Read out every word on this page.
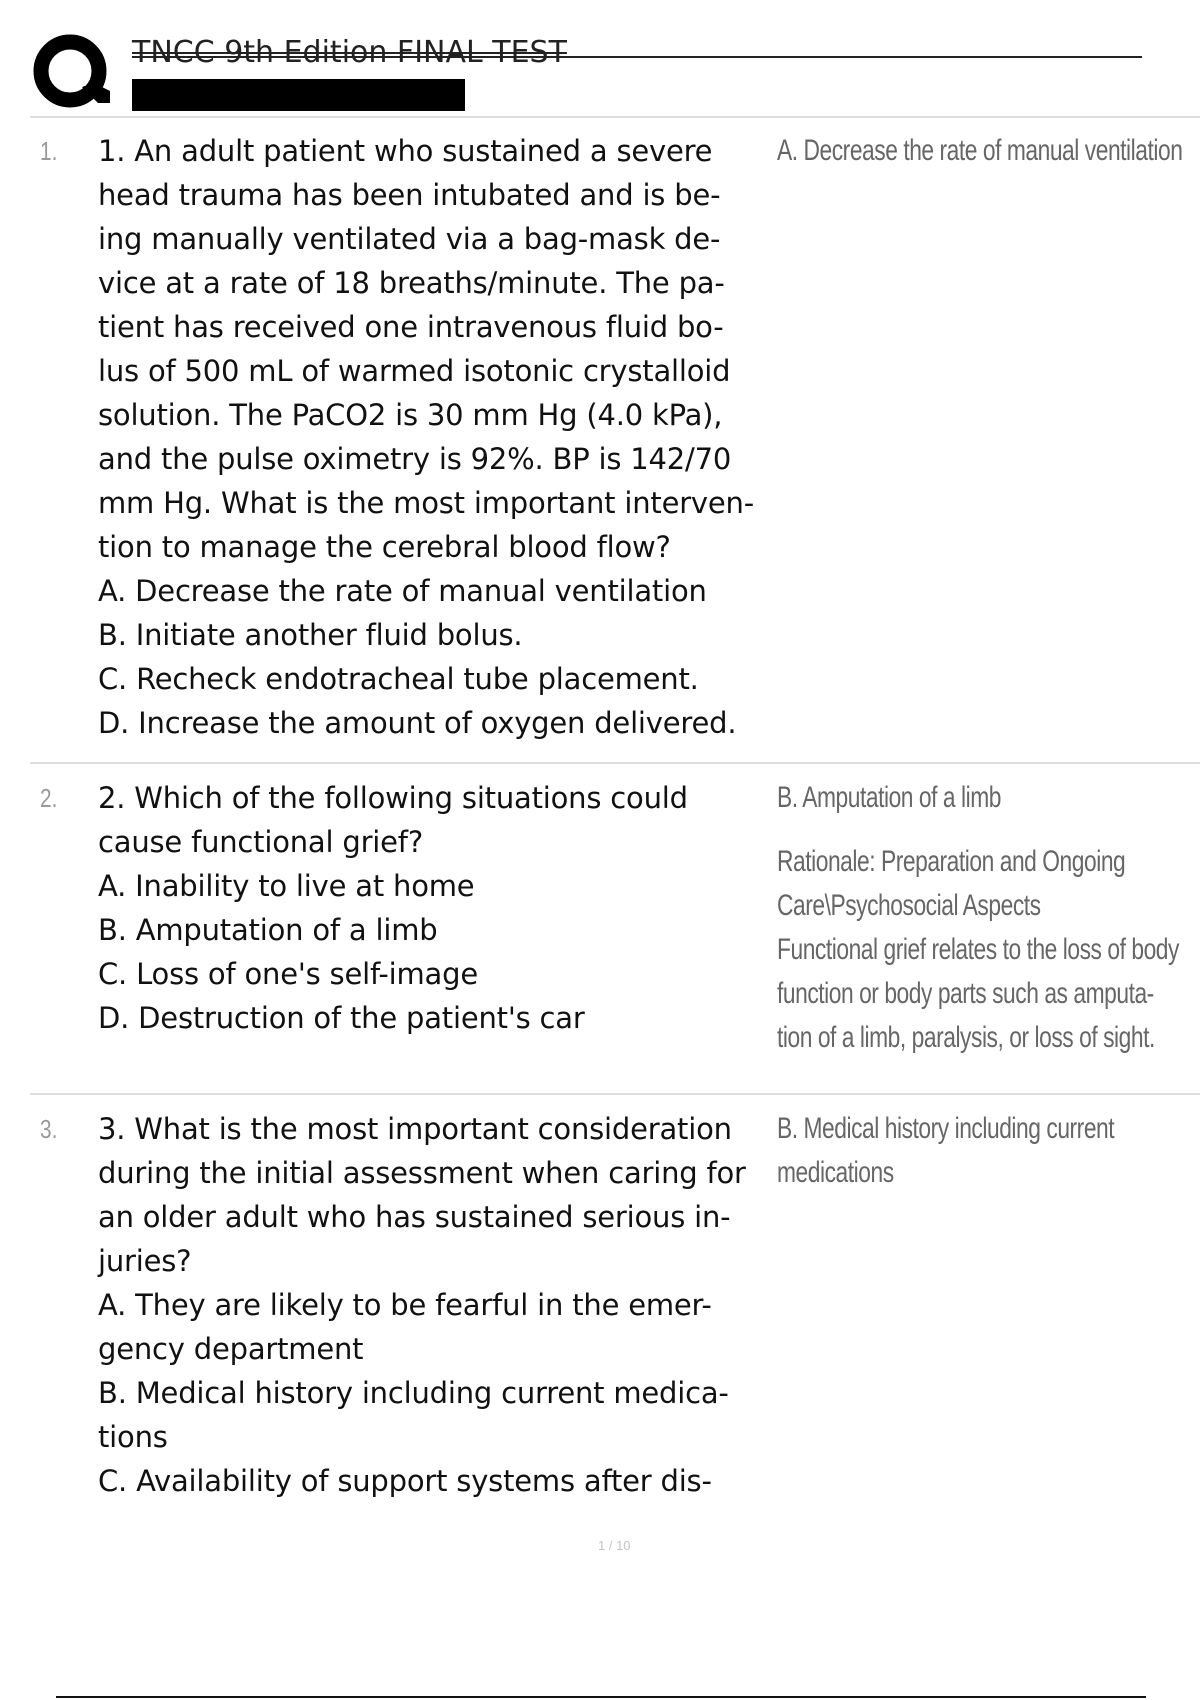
TNCC 9th Edition FINAL TEST
1. 1. An adult patient who sustained a severe
head trauma has been intubated and is be-
ing manually ventilated via a bag-mask de-
vice at a rate of 18 breaths/minute. The pa-
tient has received one intravenous fluid bo-
lus of 500 mL of warmed isotonic crystalloid
solution. The PaCO2 is 30 mm Hg (4.0 kPa),
and the pulse oximetry is 92%. BP is 142/70
mm Hg. What is the most important interven-
tion to manage the cerebral blood flow?
A. Decrease the rate of manual ventilation
B. Initiate another fluid bolus.
C. Recheck endotracheal tube placement.
D. Increase the amount of oxygen delivered.
A. Decrease the rate of manual ventilation
2. 2. Which of the following situations could
cause functional grief?
A. Inability to live at home
B. Amputation of a limb
C. Loss of one's self-image
D. Destruction of the patient's car
B. Amputation of a limb
Rationale: Preparation and Ongoing
Care\Psychosocial Aspects
Functional grief relates to the loss of body
function or body parts such as amputa-
tion of a limb, paralysis, or loss of sight.
3. 3. What is the most important consideration
during the initial assessment when caring for
an older adult who has sustained serious in-
juries?
A. They are likely to be fearful in the emer-
gency department
B. Medical history including current medica-
tions
C. Availability of support systems after dis-
B. Medical history including current
medications
1 / 10
